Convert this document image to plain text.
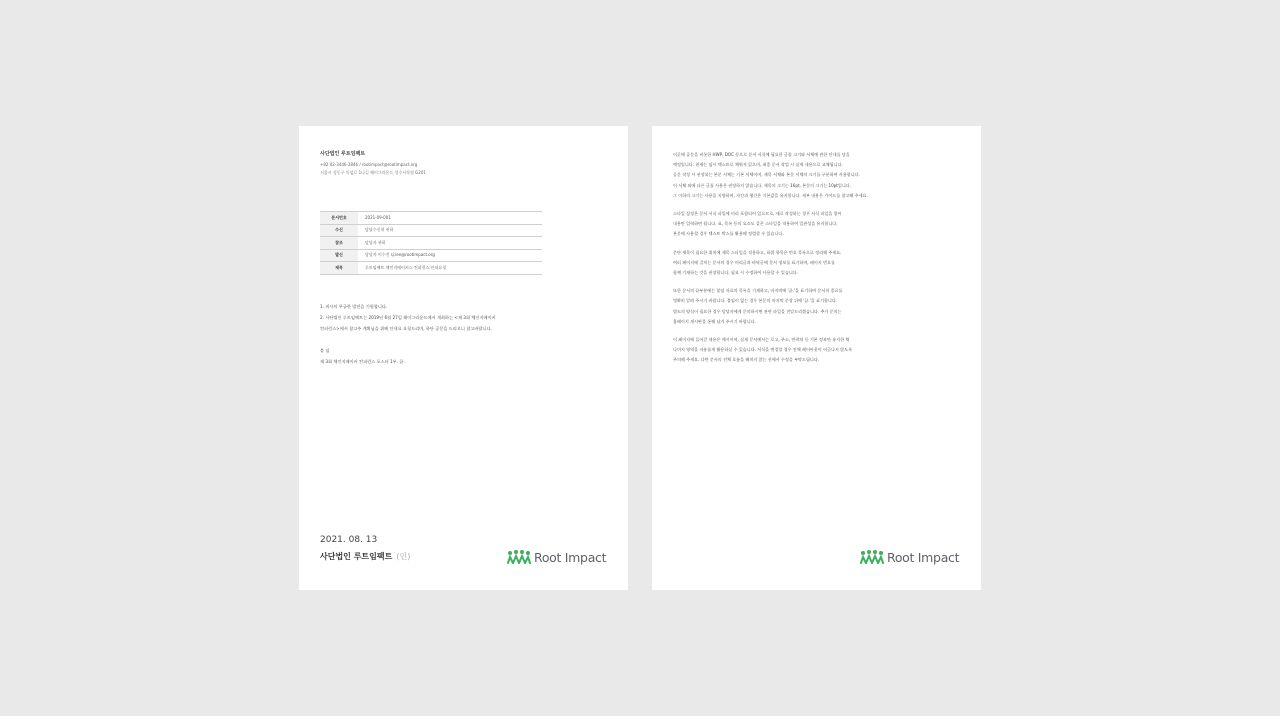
사단법인 루트임팩트
+82 02-3446-2846 / rootimpact@rootimpact.org
서울시 성동구 뚝섬로 1나길 헤이그라운드 성수시작점 G201
문서번호	2021-09-001
수신	담당수신처 귀하
참조	담당자 귀하
발신	담당자 이수진 sj.lee@rootimpact.org
제목	루트임팩트 체인지메이커스 컨퍼런스 안내요청
1. 귀사의 무궁한 발전을 기원합니다.
2. 사단법인 루트임팩트는 2019년 6월 27일 헤이그라운드에서 개최하는 <제 3회 체인지메이커
컨퍼런스>에서 참고주 계획님을 위해 안내요 요청드리며, 하단 공문을 드리오니 참고바랍니다.
붙 임
제 3회 체인지메이커 컨퍼런스 포스터 1부. 끝.
2021. 08. 13
사단법인 루트임팩트 (인)	Root Impact

이곳에 공문을 비롯한 HWP, DOC 등으로 문서 서식에 필요한 글꼴 크기와 서체에 관한 안내를 담을
예정입니다. 현재는 임시 텍스트로 채워져 있으며, 최종 문서 작업 시 실제 내용으로 교체됩니다.
공문 작성 시 권장되는 본문 서체는 기본 서체이며, 제목 서체와 본문 서체의 크기를 구분하여 사용합니다.
이 서체 외에 다른 글꼴 사용은 권장하지 않습니다. 제목의 크기는 16pt, 본문의 크기는 10pt입니다.
그 이하의 크기는 사용을 지양하며, 자간과 행간은 기본값을 유지합니다. 세부 내용은 가이드를 참고해 주세요.

스타일 설정은 문서 서식 파일에 미리 포함되어 있으므로, 새로 작성하는 경우 서식 파일을 열어
내용만 입력하면 됩니다. 표, 목록 등의 요소도 같은 스타일을 적용하여 일관성을 유지합니다.
본문에 사용할 경우 텍스트 박스를 활용해 정렬할 수 있습니다.

문단 제목이 필요한 위치에 제목 스타일을 적용하고, 하위 항목은 번호 목록으로 정리해 주세요.
여러 페이지에 걸치는 문서의 경우 머리글과 바닥글에 문서 정보를 표기하며, 페이지 번호를
함께 기재하는 것을 권장합니다. 필요 시 수정하여 사용할 수 있습니다.

또한 문서의 끝부분에는 붙임 자료의 목록을 기재하고, 마지막에 '끝.'을 표기하여 문서의 종료를
명확히 알려 주시기 바랍니다. 붙임이 없는 경우 본문의 마지막 문장 뒤에 '끝.'을 표기합니다.
별도의 양식이 필요한 경우 담당자에게 문의하시면 관련 파일을 전달드리겠습니다. 추가 문의는
홈페이지 게시판을 통해 남겨 주시기 바랍니다.

이 페이지에 들어갈 내용은 예시이며, 실제 문서에서는 로고, 주소, 연락처 등 기본 정보만 유지한 채
나머지 영역을 자유롭게 활용하실 수 있습니다. 서식을 변경할 경우 전체 레이아웃이 어긋나지 않도록
주의해 주세요. 다만 문서의 전체 흐름을 해치지 않는 선에서 수정을 부탁드립니다.

Root Impact
